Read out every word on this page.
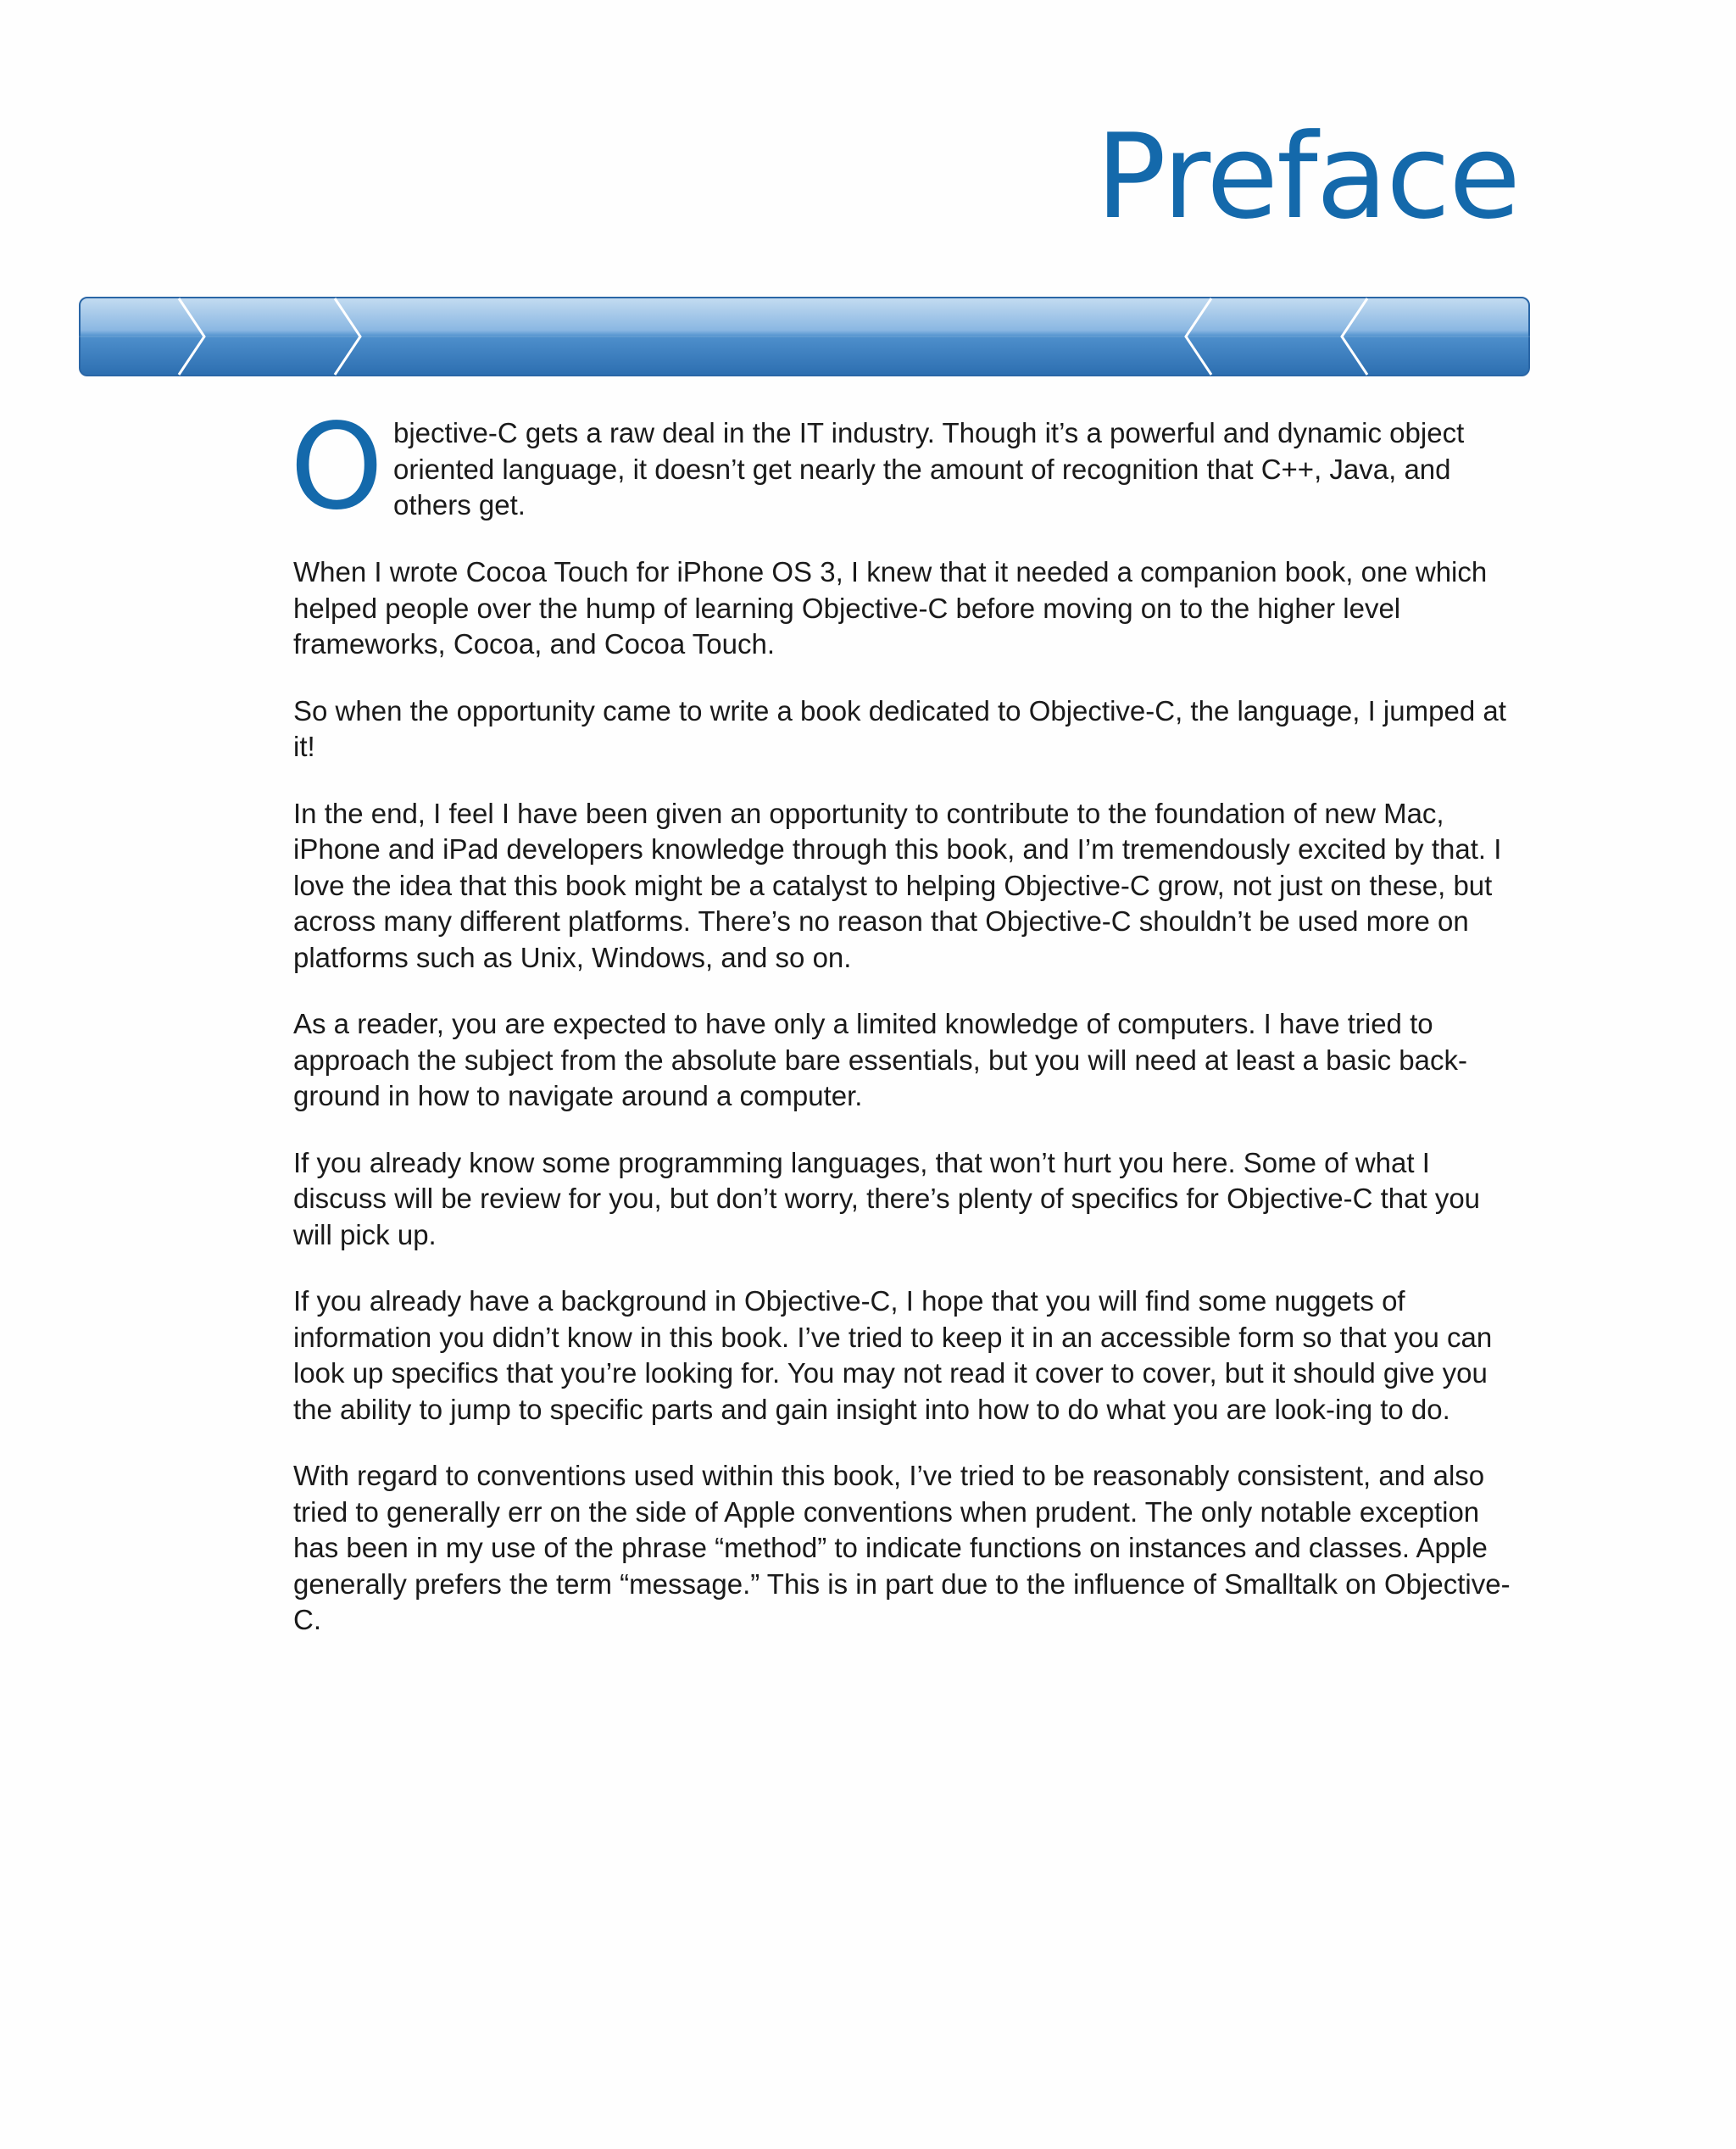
Preface

O bjective-C gets a raw deal in the IT industry. Though it’s a powerful and dynamic object oriented language, it doesn’t get nearly the amount of recognition that C++, Java, and others get.

When I wrote Cocoa Touch for iPhone OS 3, I knew that it needed a companion book, one which helped people over the hump of learning Objective-C before moving on to the higher level frameworks, Cocoa, and Cocoa Touch.

So when the opportunity came to write a book dedicated to Objective-C, the language, I jumped at it!

In the end, I feel I have been given an opportunity to contribute to the foundation of new Mac, iPhone and iPad developers knowledge through this book, and I’m tremendously excited by that. I love the idea that this book might be a catalyst to helping Objective-C grow, not just on these, but across many different platforms. There’s no reason that Objective-C shouldn’t be used more on platforms such as Unix, Windows, and so on.

As a reader, you are expected to have only a limited knowledge of computers. I have tried to approach the subject from the absolute bare essentials, but you will need at least a basic back-ground in how to navigate around a computer.

If you already know some programming languages, that won’t hurt you here. Some of what I discuss will be review for you, but don’t worry, there’s plenty of specifics for Objective-C that you will pick up.

If you already have a background in Objective-C, I hope that you will find some nuggets of information you didn’t know in this book. I’ve tried to keep it in an accessible form so that you can look up specifics that you’re looking for. You may not read it cover to cover, but it should give you the ability to jump to specific parts and gain insight into how to do what you are look-ing to do.

With regard to conventions used within this book, I’ve tried to be reasonably consistent, and also tried to generally err on the side of Apple conventions when prudent. The only notable exception has been in my use of the phrase “method” to indicate functions on instances and classes. Apple generally prefers the term “message.” This is in part due to the influence of Smalltalk on Objective-C.
